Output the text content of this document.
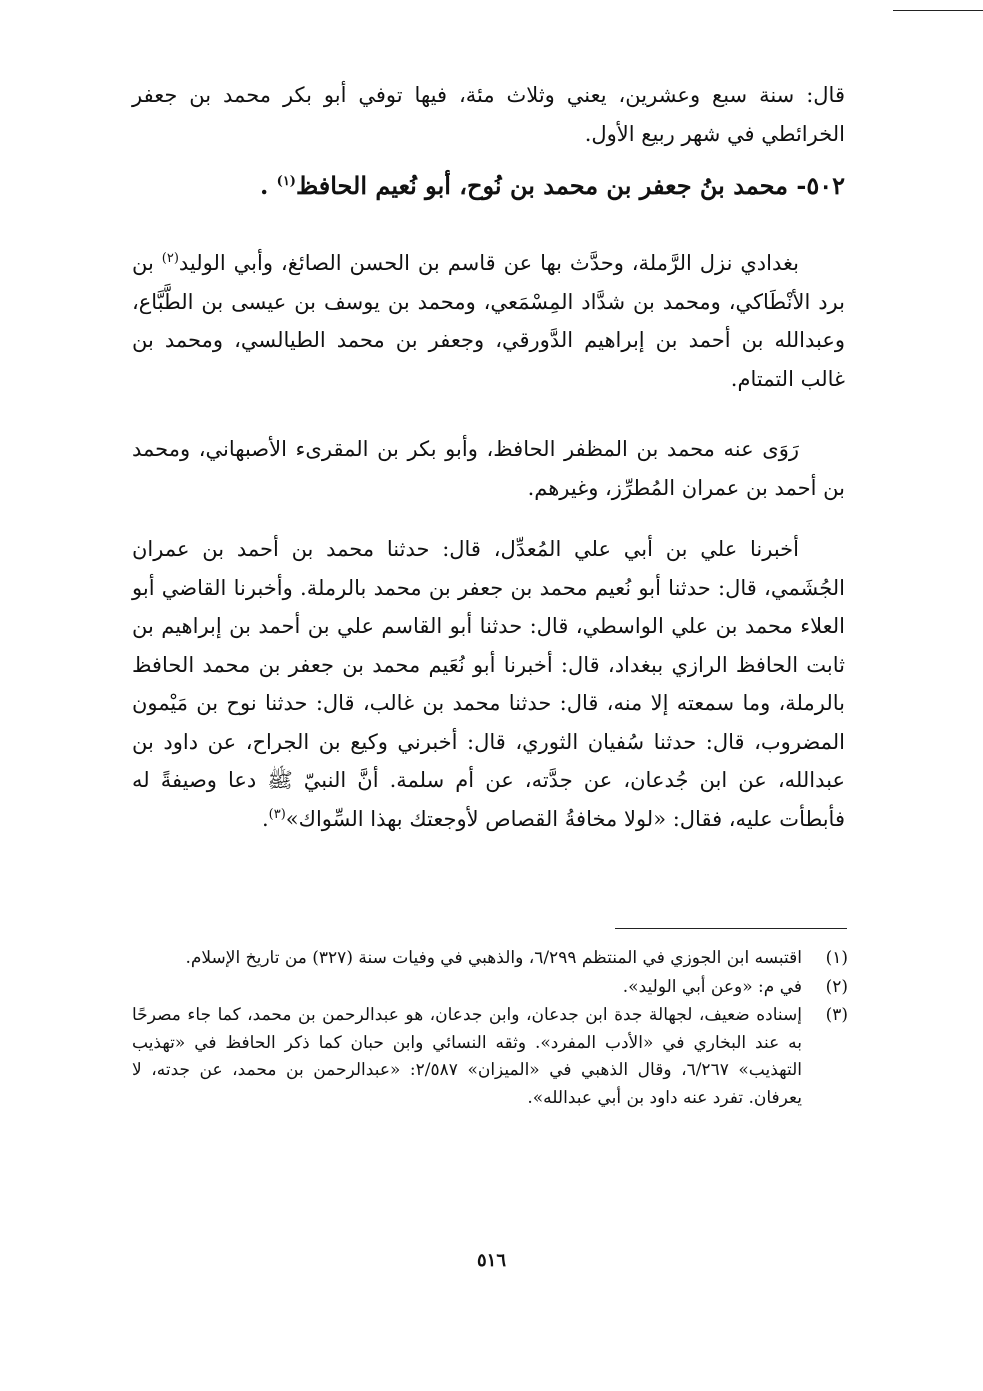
قال: سنة سبع وعشرين، يعني وثلاث مئة، فيها توفي أبو بكر محمد بن جعفر الخرائطي في شهر ربيع الأول.

٥٠٢- محمد بنُ جعفر بن محمد بن نُوح، أبو نُعيم الحافظ$^{(١)}$ .

بغدادي نزل الرَّملة، وحدَّث بها عن قاسم بن الحسن الصائغ، وأبي الوليد$^{(٢)}$ بن برد الأنْطَاكي، ومحمد بن شدَّاد المِسْمَعي، ومحمد بن يوسف بن عيسى بن الطَّبَّاع، وعبدالله بن أحمد بن إبراهيم الدَّورقي، وجعفر بن محمد الطيالسي، ومحمد بن غالب التمتام.

رَوَى عنه محمد بن المظفر الحافظ، وأبو بكر بن المقرىء الأصبهاني، ومحمد بن أحمد بن عمران المُطرِّز، وغيرهم.

أخبرنا علي بن أبي علي المُعدِّل، قال: حدثنا محمد بن أحمد بن عمران الجُشَمي، قال: حدثنا أبو نُعيم محمد بن جعفر بن محمد بالرملة. وأخبرنا القاضي أبو العلاء محمد بن علي الواسطي، قال: حدثنا أبو القاسم علي بن أحمد بن إبراهيم بن ثابت الحافظ الرازي ببغداد، قال: أخبرنا أبو نُعَيم محمد بن جعفر بن محمد الحافظ بالرملة، وما سمعته إلا منه، قال: حدثنا محمد بن غالب، قال: حدثنا نوح بن مَيْمون المضروب، قال: حدثنا سُفيان الثوري، قال: أخبرني وكيع بن الجراح، عن داود بن عبدالله، عن ابن جُدعان، عن جدَّته، عن أم سلمة. أنَّ النبيّ ﷺ دعا وصيفةً له فأبطأت عليه، فقال: «لولا مخافةُ القصاص لأوجعتك بهذا السِّواك»$^{(٣)}$.

(١)
اقتبسه ابن الجوزي في المنتظم ٦/٢٩٩، والذهبي في وفيات سنة (٣٢٧) من تاريخ الإسلام.
(٢)
في م: «وعن أبي الوليد».
(٣)
إسناده ضعيف، لجهالة جدة ابن جدعان، وابن جدعان، هو عبدالرحمن بن محمد، كما جاء مصرحًا به عند البخاري في «الأدب المفرد». وثقه النسائي وابن حبان كما ذكر الحافظ في «تهذيب التهذيب» ٦/٢٦٧، وقال الذهبي في «الميزان» ٢/٥٨٧: «عبدالرحمن بن محمد، عن جدته، لا يعرفان. تفرد عنه داود بن أبي عبدالله».
٥١٦
